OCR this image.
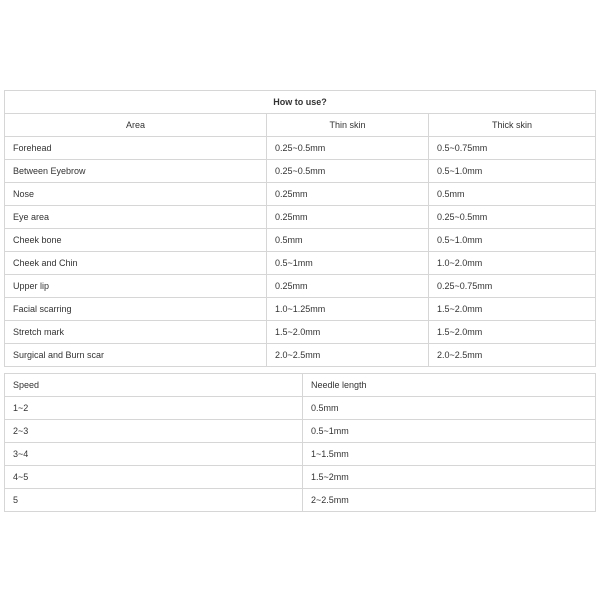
How to use?		
Area	Thin skin	Thick skin
Forehead	0.25~0.5mm	0.5~0.75mm
Between Eyebrow	0.25~0.5mm	0.5~1.0mm
Nose	0.25mm	0.5mm
Eye area	0.25mm	0.25~0.5mm
Cheek bone	0.5mm	0.5~1.0mm
Cheek and Chin	0.5~1mm	1.0~2.0mm
Upper lip	0.25mm	0.25~0.75mm
Facial scarring	1.0~1.25mm	1.5~2.0mm
Stretch mark	1.5~2.0mm	1.5~2.0mm
Surgical and Burn scar	2.0~2.5mm	2.0~2.5mm
Speed	Needle length
1~2	0.5mm
2~3	0.5~1mm
3~4	1~1.5mm
4~5	1.5~2mm
5	2~2.5mm
